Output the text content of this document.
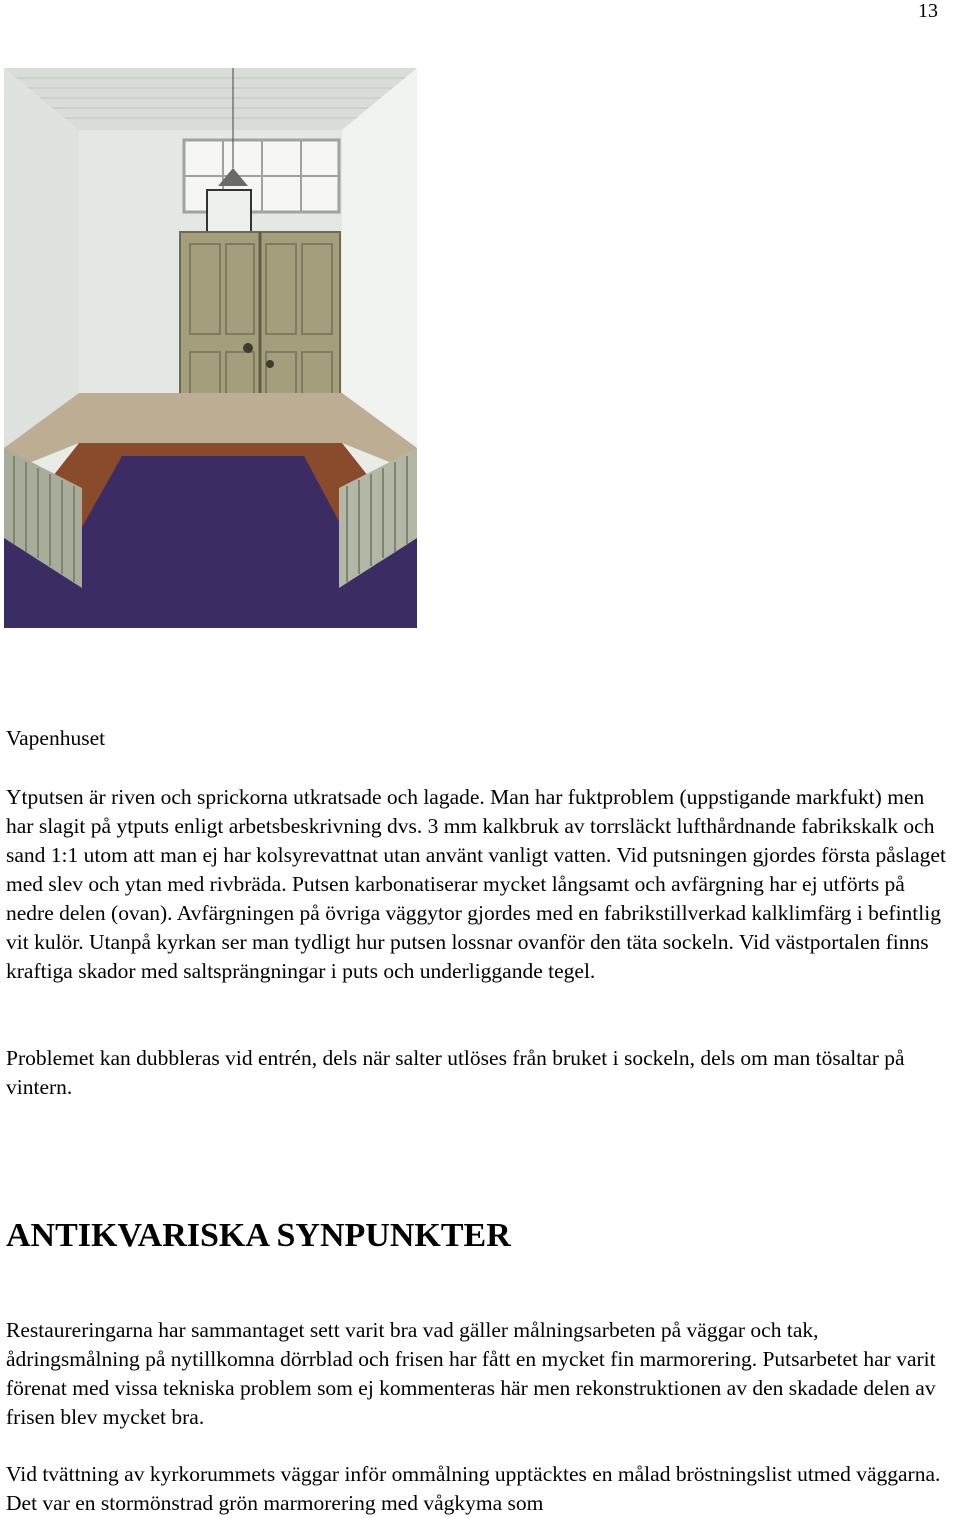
13

Vapenhuset

Ytputsen är riven och sprickorna utkratsade och lagade. Man har fuktproblem (uppstigande markfukt) men har slagit på ytputs enligt arbetsbeskrivning dvs. 3 mm kalkbruk av torrsläckt lufthårdnande fabrikskalk och sand 1:1 utom att man ej har kolsyrevattnat utan använt vanligt vatten. Vid putsningen gjordes första påslaget med slev och ytan med rivbräda. Putsen karbonatiserar mycket långsamt och avfärgning har ej utförts på nedre delen (ovan). Avfärgningen på övriga väggytor gjordes med en fabrikstillverkad kalklimfärg i befintlig vit kulör. Utanpå kyrkan ser man tydligt hur putsen lossnar ovanför den täta sockeln. Vid västportalen finns kraftiga skador med saltsprängningar i puts och underliggande tegel.

Problemet kan dubbleras vid entrén, dels när salter utlöses från bruket i sockeln, dels om man tösaltar på vintern.

ANTIKVARISKA SYNPUNKTER

Restaureringarna har sammantaget sett varit bra vad gäller målningsarbeten på väggar och tak, ådringsmålning på nytillkomna dörrblad och frisen har fått en mycket fin marmorering. Putsarbetet har varit förenat med vissa tekniska problem som ej kommenteras här men rekonstruktionen av den skadade delen av frisen blev mycket bra.

Vid tvättning av kyrkorummets väggar inför ommålning upptäcktes en målad bröstningslist utmed väggarna. Det var en stormönstrad grön marmorering med vågkyma som
